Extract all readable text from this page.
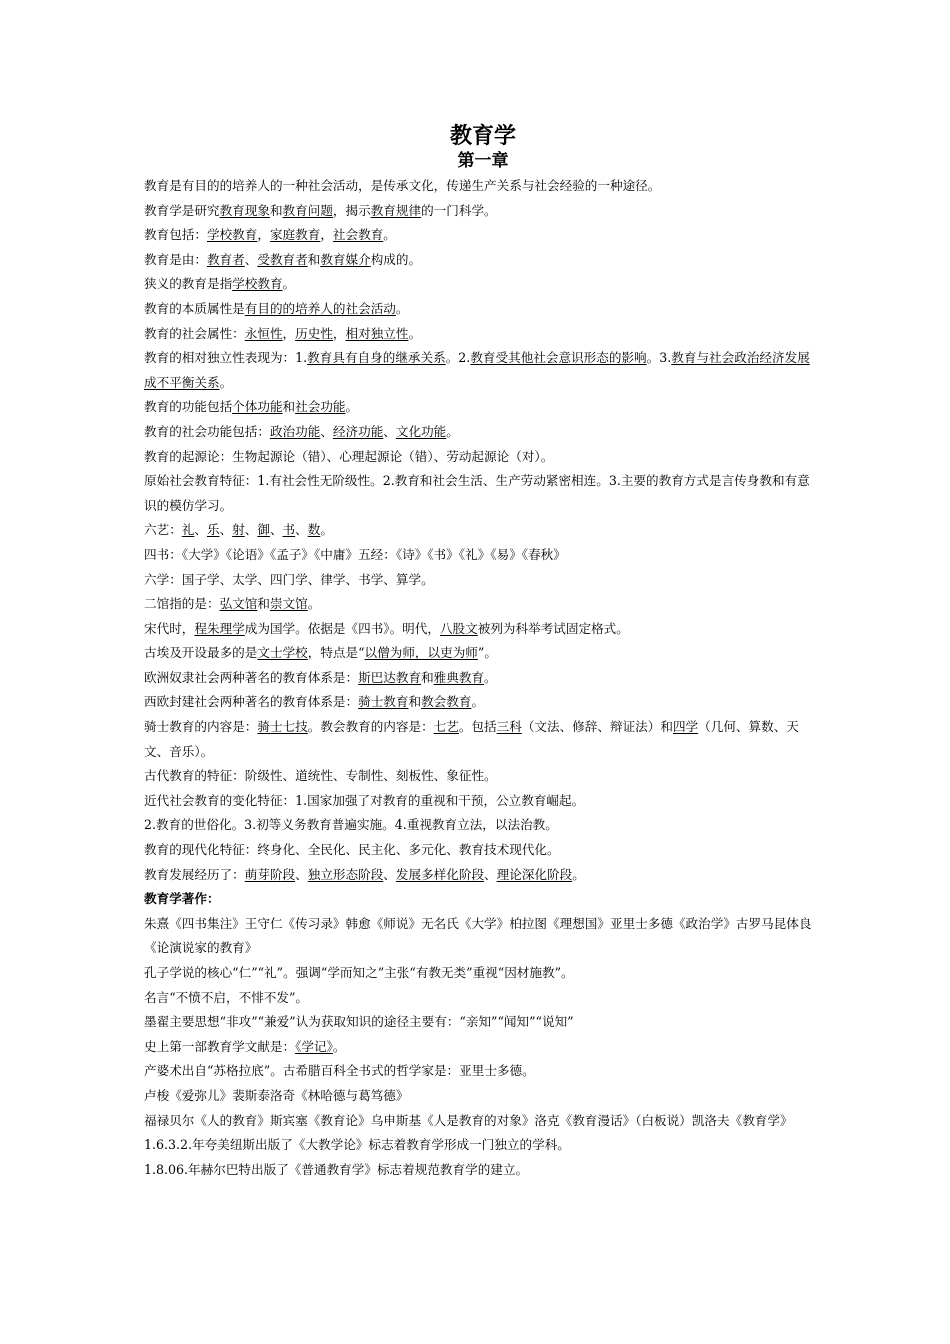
教育学
第一章

教育是有目的的培养人的一种社会活动，是传承文化，传递生产关系与社会经验的一种途径。

教育学是研究教育现象和教育问题，揭示教育规律的一门科学。

教育包括：学校教育，家庭教育，社会教育。

教育是由：教育者、受教育者和教育媒介构成的。

狭义的教育是指学校教育。

教育的本质属性是有目的的培养人的社会活动。

教育的社会属性：永恒性，历史性，相对独立性。

教育的相对独立性表现为：1.教育具有自身的继承关系。2.教育受其他社会意识形态的影响。3.教育与社会政治经济发展成不平衡关系。

教育的功能包括个体功能和社会功能。

教育的社会功能包括：政治功能、经济功能、文化功能。

教育的起源论：生物起源论（错）、心理起源论（错）、劳动起源论（对）。

原始社会教育特征：1.有社会性无阶级性。2.教育和社会生活、生产劳动紧密相连。3.主要的教育方式是言传身教和有意识的模仿学习。

六艺：礼、乐、射、御、书、数。

四书：《大学》《论语》《孟子》《中庸》五经：《诗》《书》《礼》《易》《春秋》

六学：国子学、太学、四门学、律学、书学、算学。

二馆指的是：弘文馆和崇文馆。

宋代时，程朱理学成为国学。依据是《四书》。明代，八股文被列为科举考试固定格式。

古埃及开设最多的是文士学校，特点是“以僧为师，以吏为师”。

欧洲奴隶社会两种著名的教育体系是：斯巴达教育和雅典教育。

西欧封建社会两种著名的教育体系是：骑士教育和教会教育。

骑士教育的内容是：骑士七技。教会教育的内容是：七艺。包括三科（文法、修辞、辩证法）和四学（几何、算数、天文、音乐）。

古代教育的特征：阶级性、道统性、专制性、刻板性、象征性。

近代社会教育的变化特征：1.国家加强了对教育的重视和干预，公立教育崛起。

2.教育的世俗化。3.初等义务教育普遍实施。4.重视教育立法，以法治教。

教育的现代化特征：终身化、全民化、民主化、多元化、教育技术现代化。

教育发展经历了：萌芽阶段、独立形态阶段、发展多样化阶段、理论深化阶段。

教育学著作：

朱熹《四书集注》王守仁《传习录》韩愈《师说》无名氏《大学》柏拉图《理想国》亚里士多德《政治学》古罗马昆体良《论演说家的教育》

孔子学说的核心“仁”“礼”。强调“学而知之”主张“有教无类”重视“因材施教”。

名言“不愤不启，不悱不发”。

墨翟主要思想“非攻”“兼爱”认为获取知识的途径主要有：“亲知”“闻知”“说知”

史上第一部教育学文献是：《学记》。

产婆术出自“苏格拉底”。古希腊百科全书式的哲学家是：亚里士多德。

卢梭《爱弥儿》裴斯泰洛奇《林哈德与葛笃德》

福禄贝尔《人的教育》斯宾塞《教育论》乌申斯基《人是教育的对象》洛克《教育漫话》（白板说）凯洛夫《教育学》

1.6.3.2.年夸美纽斯出版了《大教学论》标志着教育学形成一门独立的学科。

1.8.06.年赫尔巴特出版了《普通教育学》标志着规范教育学的建立。
